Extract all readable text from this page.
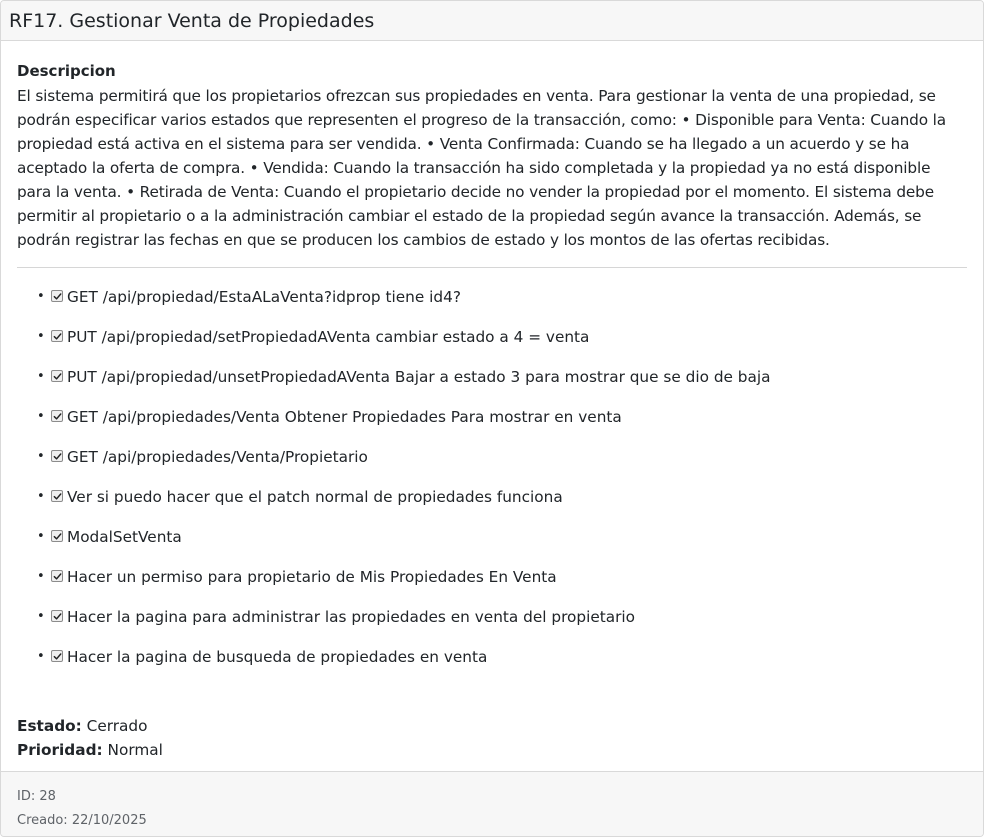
RF17. Gestionar Venta de Propiedades

Descripcion

El sistema permitirá que los propietarios ofrezcan sus propiedades en venta. Para gestionar la venta de una propiedad, se podrán especificar varios estados que representen el progreso de la transacción, como: • Disponible para Venta: Cuando la propiedad está activa en el sistema para ser vendida. • Venta Confirmada: Cuando se ha llegado a un acuerdo y se ha aceptado la oferta de compra. • Vendida: Cuando la transacción ha sido completada y la propiedad ya no está disponible para la venta. • Retirada de Venta: Cuando el propietario decide no vender la propiedad por el momento. El sistema debe permitir al propietario o a la administración cambiar el estado de la propiedad según avance la transacción. Además, se podrán registrar las fechas en que se producen los cambios de estado y los montos de las ofertas recibidas.

• GET /api/propiedad/EstaALaVenta?idprop tiene id4?
• PUT /api/propiedad/setPropiedadAVenta cambiar estado a 4 = venta
• PUT /api/propiedad/unsetPropiedadAVenta Bajar a estado 3 para mostrar que se dio de baja
• GET /api/propiedades/Venta Obtener Propiedades Para mostrar en venta
• GET /api/propiedades/Venta/Propietario
• Ver si puedo hacer que el patch normal de propiedades funciona
• ModalSetVenta
• Hacer un permiso para propietario de Mis Propiedades En Venta
• Hacer la pagina para administrar las propiedades en venta del propietario
• Hacer la pagina de busqueda de propiedades en venta
Estado: Cerrado
Prioridad: Normal
ID: 28
Creado: 22/10/2025
